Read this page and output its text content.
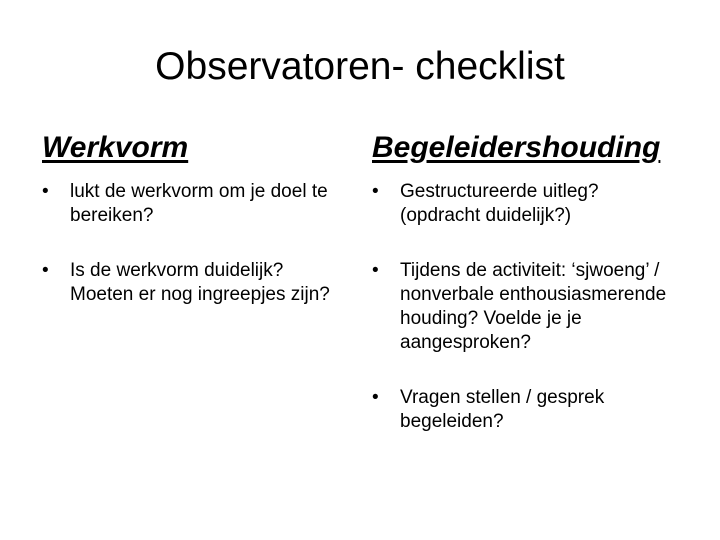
Observatoren- checklist
Werkvorm
•	lukt de werkvorm om je doel te bereiken?
•	Is de werkvorm duidelijk? Moeten er nog ingreepjes zijn?
Begeleidershouding
•	Gestructureerde uitleg? (opdracht duidelijk?)
•	Tijdens de activiteit: ‘sjwoeng’ / nonverbale enthousiasmerende houding? Voelde je je aangesproken?
•	Vragen stellen / gesprek begeleiden?
